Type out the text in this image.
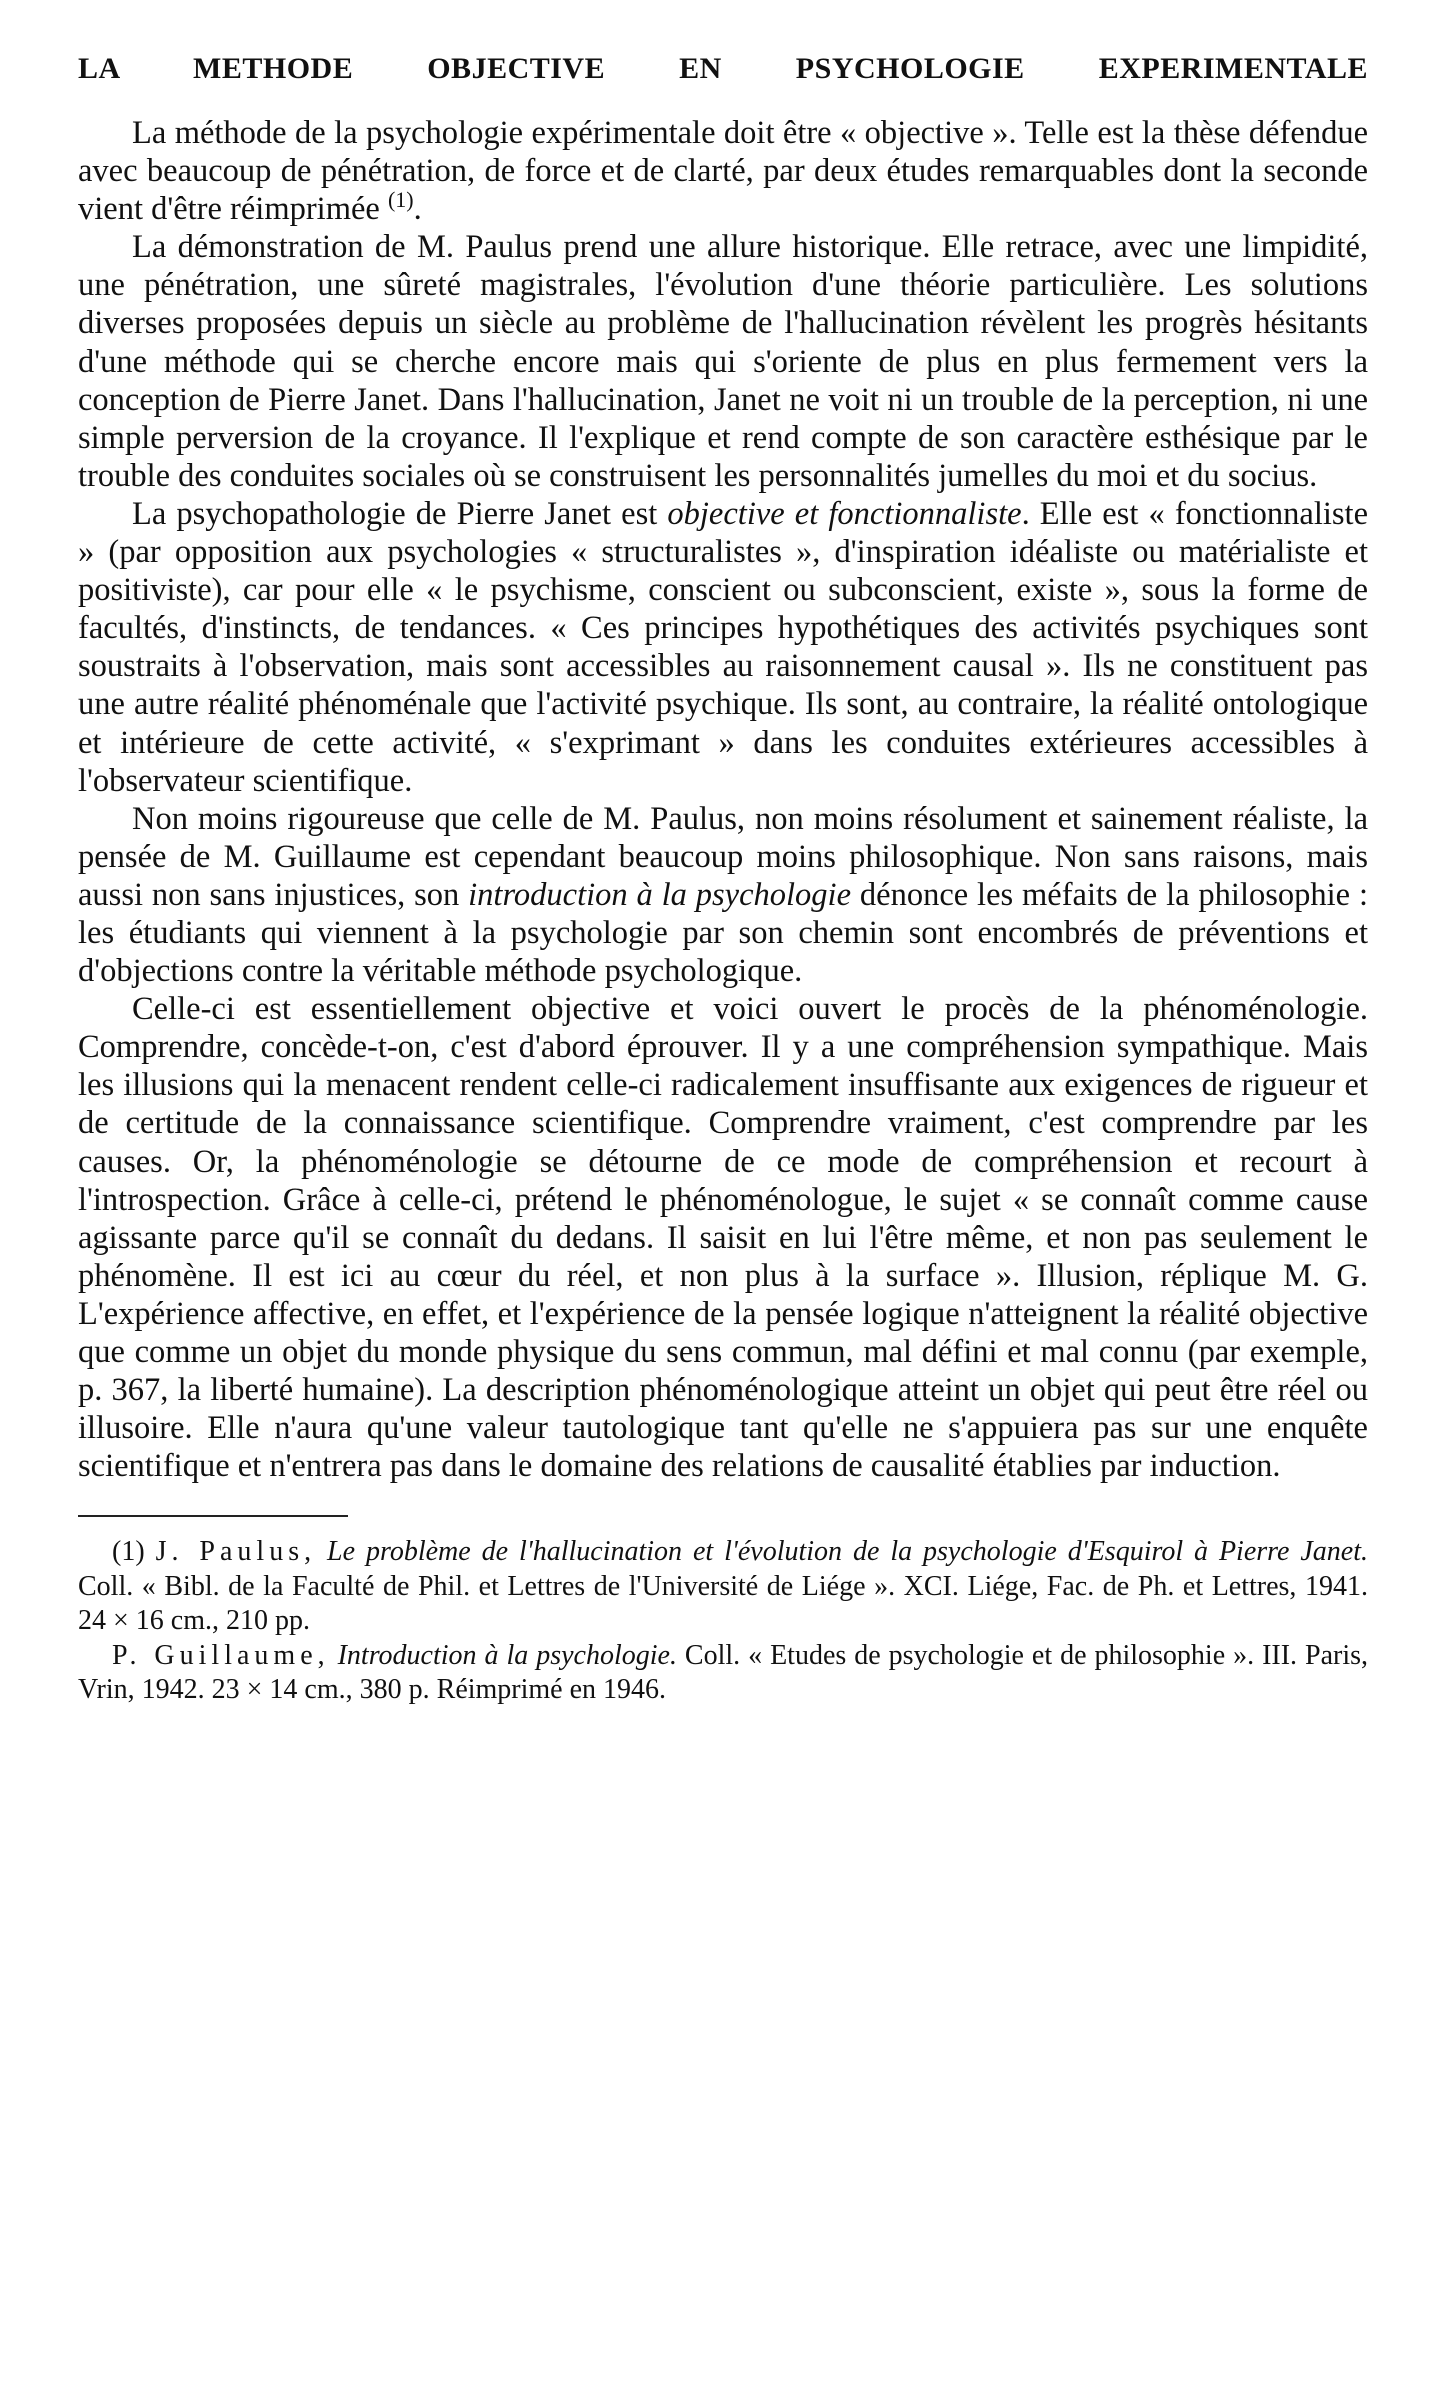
LA METHODE OBJECTIVE EN PSYCHOLOGIE EXPERIMENTALE

La méthode de la psychologie expérimentale doit être « objective ». Telle est la thèse défendue avec beaucoup de pénétration, de force et de clarté, par deux études remarquables dont la seconde vient d'être réimprimée $^{(1)}$.

La démonstration de M. Paulus prend une allure historique. Elle retrace, avec une limpidité, une pénétration, une sûreté magistrales, l'évolution d'une théorie particulière. Les solutions diverses proposées depuis un siècle au problème de l'hallucination révèlent les progrès hésitants d'une méthode qui se cherche encore mais qui s'oriente de plus en plus fermement vers la conception de Pierre Janet. Dans l'hallucination, Janet ne voit ni un trouble de la perception, ni une simple perversion de la croyance. Il l'explique et rend compte de son caractère esthésique par le trouble des conduites sociales où se construisent les personnalités jumelles du moi et du socius.

La psychopathologie de Pierre Janet est objective et fonctionnaliste. Elle est « fonctionnaliste » (par opposition aux psychologies « structuralistes », d'inspiration idéaliste ou matérialiste et positiviste), car pour elle « le psychisme, conscient ou subconscient, existe », sous la forme de facultés, d'instincts, de tendances. « Ces principes hypothétiques des activités psychiques sont soustraits à l'observation, mais sont accessibles au raisonnement causal ». Ils ne constituent pas une autre réalité phénoménale que l'activité psychique. Ils sont, au contraire, la réalité ontologique et intérieure de cette activité, « s'exprimant » dans les conduites extérieures accessibles à l'observateur scientifique.

Non moins rigoureuse que celle de M. Paulus, non moins résolument et sainement réaliste, la pensée de M. Guillaume est cependant beaucoup moins philosophique. Non sans raisons, mais aussi non sans injustices, son introduction à la psychologie dénonce les méfaits de la philosophie : les étudiants qui viennent à la psychologie par son chemin sont encombrés de préventions et d'objections contre la véritable méthode psychologique.

Celle-ci est essentiellement objective et voici ouvert le procès de la phénoménologie. Comprendre, concède-t-on, c'est d'abord éprouver. Il y a une compréhension sympathique. Mais les illusions qui la menacent rendent celle-ci radicalement insuffisante aux exigences de rigueur et de certitude de la connaissance scientifique. Comprendre vraiment, c'est comprendre par les causes. Or, la phénoménologie se détourne de ce mode de compréhension et recourt à l'introspection. Grâce à celle-ci, prétend le phénoménologue, le sujet « se connaît comme cause agissante parce qu'il se connaît du dedans. Il saisit en lui l'être même, et non pas seulement le phénomène. Il est ici au cœur du réel, et non plus à la surface ». Illusion, réplique M. G. L'expérience affective, en effet, et l'expérience de la pensée logique n'atteignent la réalité objective que comme un objet du monde physique du sens commun, mal défini et mal connu (par exemple, p. 367, la liberté humaine). La description phénoménologique atteint un objet qui peut être réel ou illusoire. Elle n'aura qu'une valeur tautologique tant qu'elle ne s'appuiera pas sur une enquête scientifique et n'entrera pas dans le domaine des relations de causalité établies par induction.

(1) J. Paulus, Le problème de l'hallucination et l'évolution de la psychologie d'Esquirol à Pierre Janet. Coll. « Bibl. de la Faculté de Phil. et Lettres de l'Université de Liége ». XCI. Liége, Fac. de Ph. et Lettres, 1941. 24 × 16 cm., 210 pp.

P. Guillaume, Introduction à la psychologie. Coll. « Etudes de psychologie et de philosophie ». III. Paris, Vrin, 1942. 23 × 14 cm., 380 p. Réimprimé en 1946.
